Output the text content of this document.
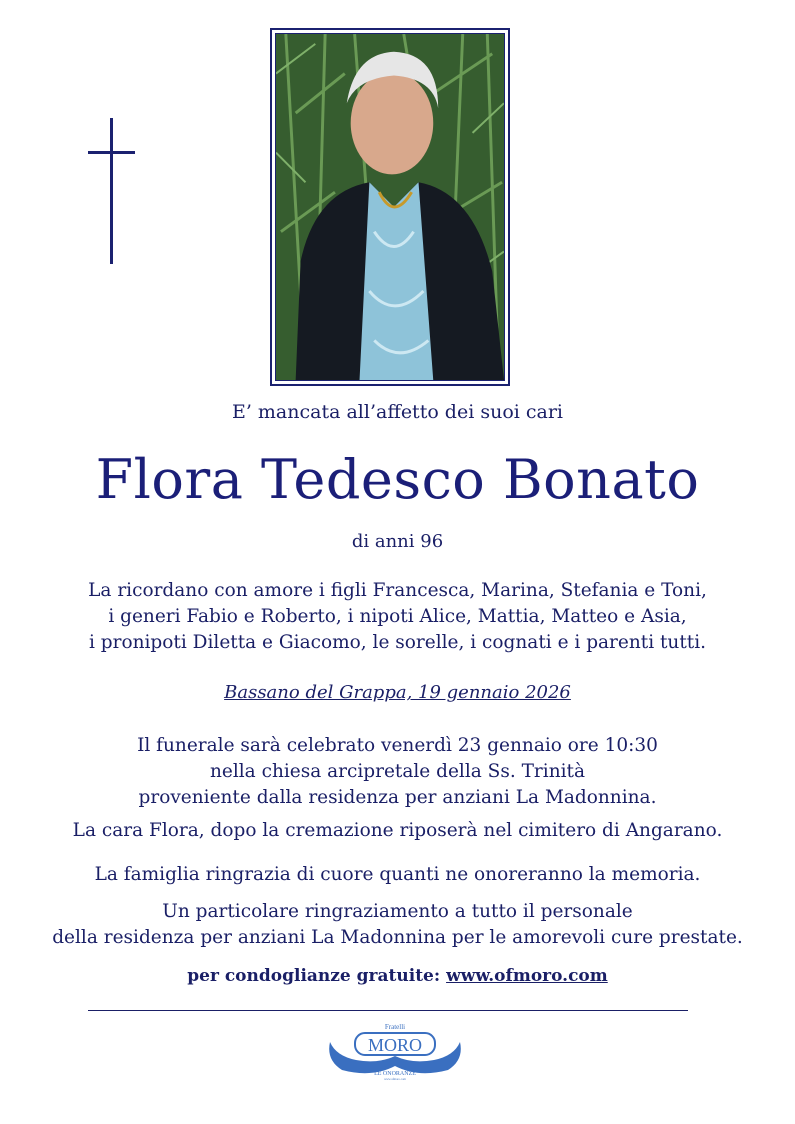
E’ mancata all’affetto dei suoi cari
Flora Tedesco Bonato
di anni 96
La ricordano con amore i figli Francesca, Marina, Stefania e Toni,
i generi Fabio e Roberto, i nipoti Alice, Mattia, Matteo e Asia,
i pronipoti Diletta e Giacomo, le sorelle, i cognati e i parenti tutti.
Bassano del Grappa, 19 gennaio 2026
Il funerale sarà celebrato venerdì 23 gennaio ore 10:30
nella chiesa arcipretale della Ss. Trinità
proveniente dalla residenza per anziani La Madonnina.
La cara Flora, dopo la cremazione riposerà nel cimitero di Angarano.
La famiglia ringrazia di cuore quanti ne onoreranno la memoria.
Un particolare ringraziamento a tutto il personale
della residenza per anziani La Madonnina per le amorevoli cure prestate.
per condoglianze gratuite: www.ofmoro.com
Fratelli
MORO
LE ONORANZE
www.ofmoro.com
